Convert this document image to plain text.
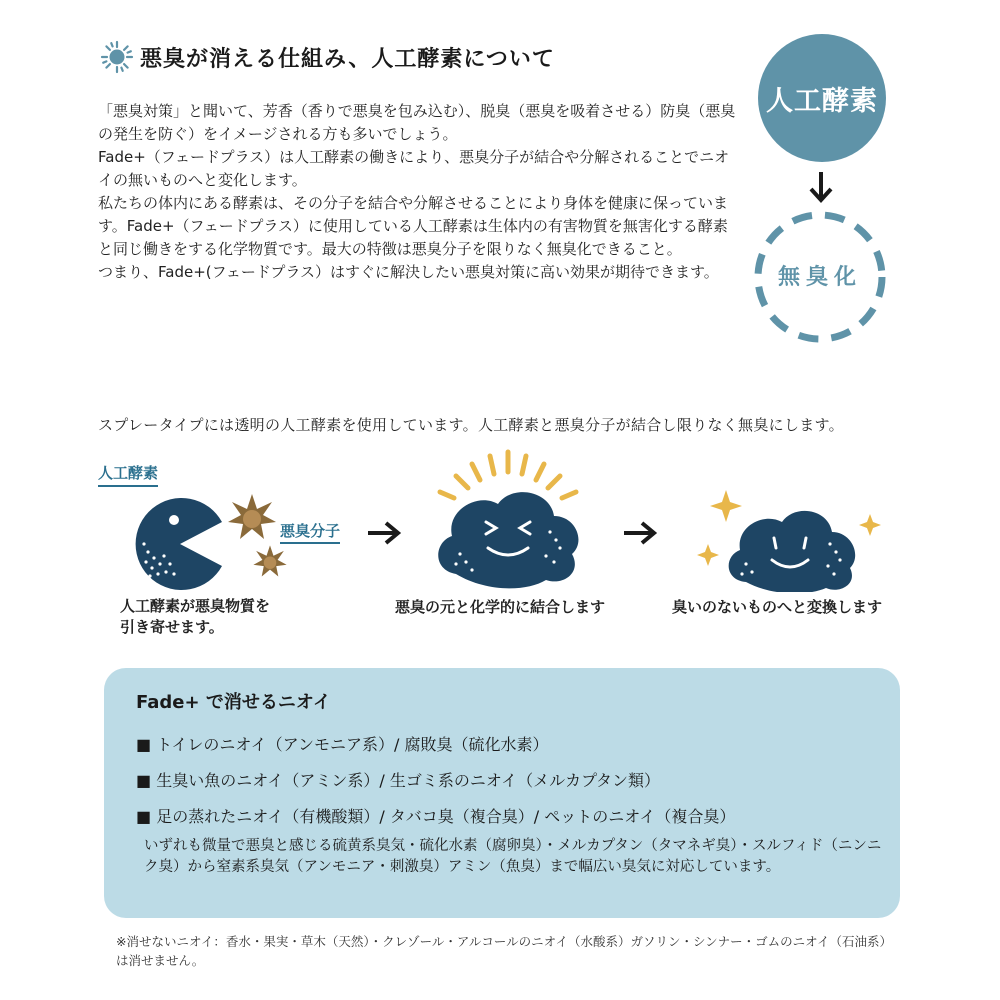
悪臭が消える仕組み、人工酵素について

「悪臭対策」と聞いて、芳香（香りで悪臭を包み込む）、脱臭（悪臭を吸着させる）防臭（悪臭の発生を防ぐ）をイメージされる方も多いでしょう。

Fade+（フェードプラス）は人工酵素の働きにより、悪臭分子が結合や分解されることでニオイの無いものへと変化します。

私たちの体内にある酵素は、その分子を結合や分解させることにより身体を健康に保っています。Fade+（フェードプラス）に使用している人工酵素は生体内の有害物質を無害化する酵素と同じ働きをする化学物質です。最大の特徴は悪臭分子を限りなく無臭化できること。

つまり、Fade+(フェードプラス）はすぐに解決したい悪臭対策に高い効果が期待できます。

人工酵素
無臭化
スプレータイプには透明の人工酵素を使用しています。人工酵素と悪臭分子が結合し限りなく無臭にします。
人工酵素
悪臭分子
人工酵素が悪臭物質を
引き寄せます。
悪臭の元と化学的に結合します	臭いのないものへと変換します
Fade+ で消せるニオイ
■ トイレのニオイ（アンモニア系）/ 腐敗臭（硫化水素）
■ 生臭い魚のニオイ（アミン系）/ 生ゴミ系のニオイ（メルカプタン類）
■ 足の蒸れたニオイ（有機酸類）/ タバコ臭（複合臭）/ ペットのニオイ（複合臭）
いずれも微量で悪臭と感じる硫黄系臭気・硫化水素（腐卵臭）・メルカプタン（タマネギ臭）・スルフィド（ニンニク臭）から窒素系臭気（アンモニア・刺激臭）アミン（魚臭）まで幅広い臭気に対応しています。
※消せないニオイ：香水・果実・草木（天然）・クレゾール・アルコールのニオイ（水酸系）ガソリン・シンナー・ゴムのニオイ（石油系）は消せません。
